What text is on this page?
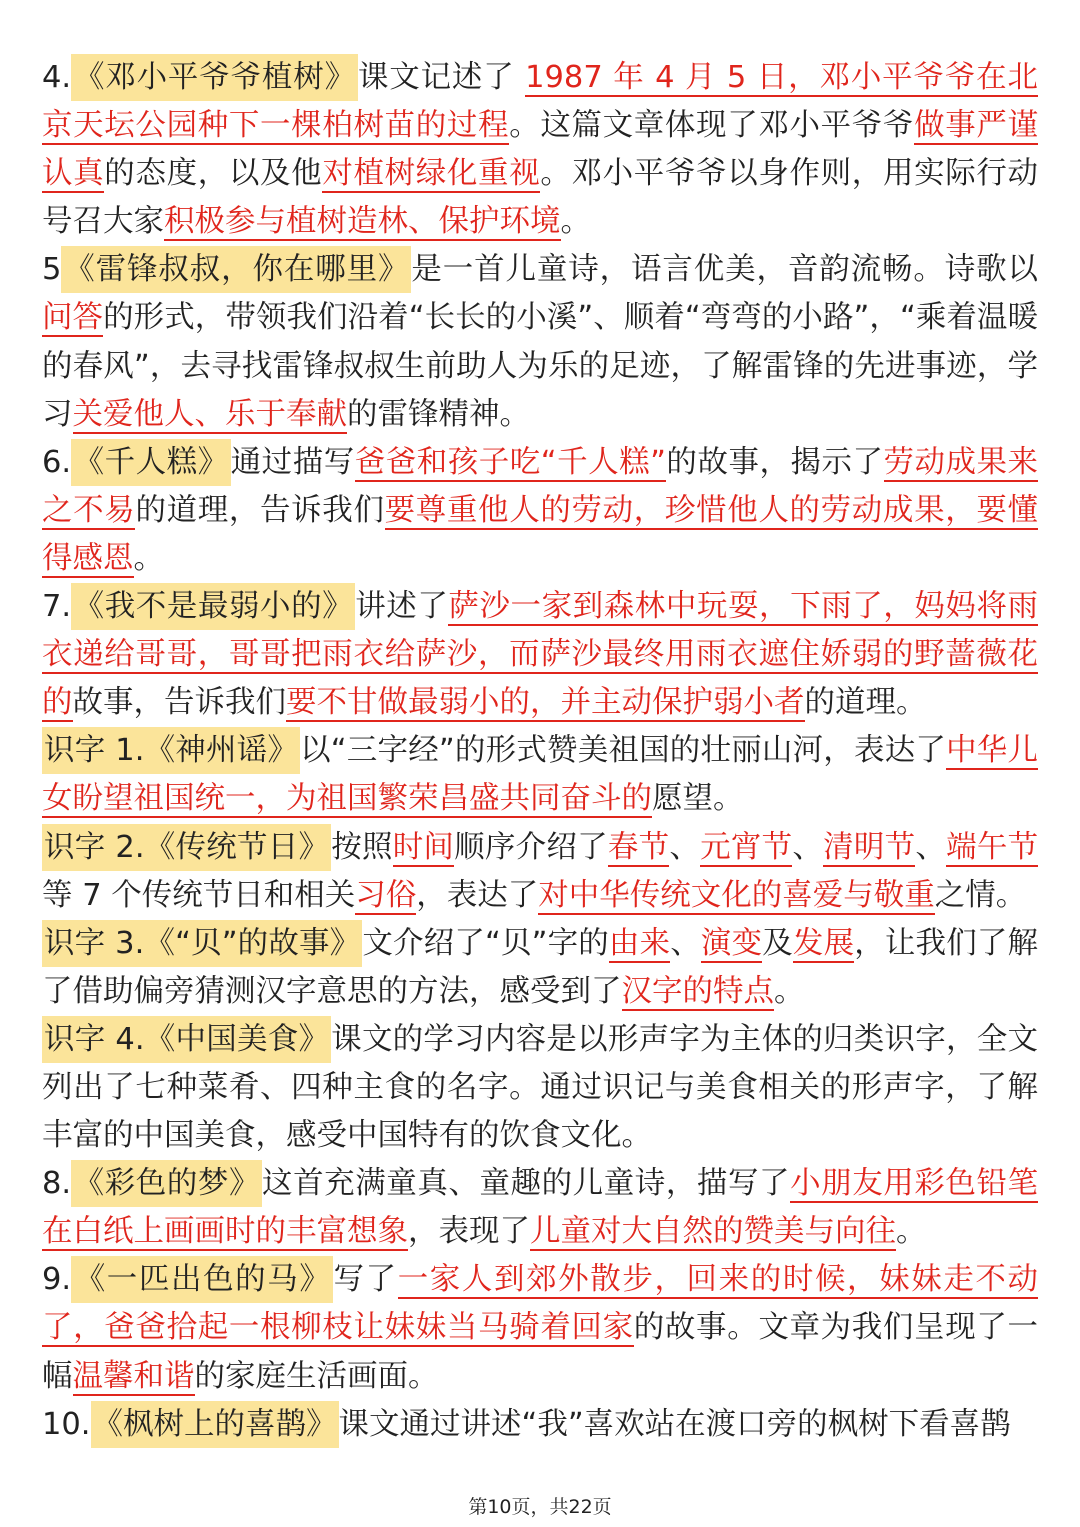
4.《邓小平爷爷植树》课文记述了 1987 年 4 月 5 日，邓小平爷爷在北京天坛公园种下一棵柏树苗的过程。这篇文章体现了邓小平爷爷做事严谨认真的态度，以及他对植树绿化重视。邓小平爷爷以身作则，用实际行动号召大家积极参与植树造林、保护环境。

5《雷锋叔叔，你在哪里》是一首儿童诗，语言优美，音韵流畅。诗歌以问答的形式，带领我们沿着“长长的小溪”、顺着“弯弯的小路”，“乘着温暖的春风”，去寻找雷锋叔叔生前助人为乐的足迹，了解雷锋的先进事迹，学习关爱他人、乐于奉献的雷锋精神。

6.《千人糕》通过描写爸爸和孩子吃“千人糕”的故事，揭示了劳动成果来之不易的道理，告诉我们要尊重他人的劳动，珍惜他人的劳动成果，要懂得感恩。

7.《我不是最弱小的》讲述了萨沙一家到森林中玩耍，下雨了，妈妈将雨衣递给哥哥，哥哥把雨衣给萨沙，而萨沙最终用雨衣遮住娇弱的野蔷薇花的故事，告诉我们要不甘做最弱小的，并主动保护弱小者的道理。

识字 1.《神州谣》以“三字经”的形式赞美祖国的壮丽山河，表达了中华儿女盼望祖国统一，为祖国繁荣昌盛共同奋斗的愿望。

识字 2.《传统节日》按照时间顺序介绍了春节、元宵节、清明节、端午节等 7 个传统节日和相关习俗，表达了对中华传统文化的喜爱与敬重之情。

识字 3.《“贝”的故事》文介绍了“贝”字的由来、演变及发展，让我们了解了借助偏旁猜测汉字意思的方法，感受到了汉字的特点。

识字 4.《中国美食》课文的学习内容是以形声字为主体的归类识字，全文列出了七种菜肴、四种主食的名字。通过识记与美食相关的形声字，了解丰富的中国美食，感受中国特有的饮食文化。

8.《彩色的梦》这首充满童真、童趣的儿童诗，描写了小朋友用彩色铅笔在白纸上画画时的丰富想象，表现了儿童对大自然的赞美与向往。

9.《一匹出色的马》写了一家人到郊外散步，回来的时候，妹妹走不动了，爸爸拾起一根柳枝让妹妹当马骑着回家的故事。文章为我们呈现了一幅温馨和谐的家庭生活画面。

10.《枫树上的喜鹊》课文通过讲述“我”喜欢站在渡口旁的枫树下看喜鹊

第10页，共22页
